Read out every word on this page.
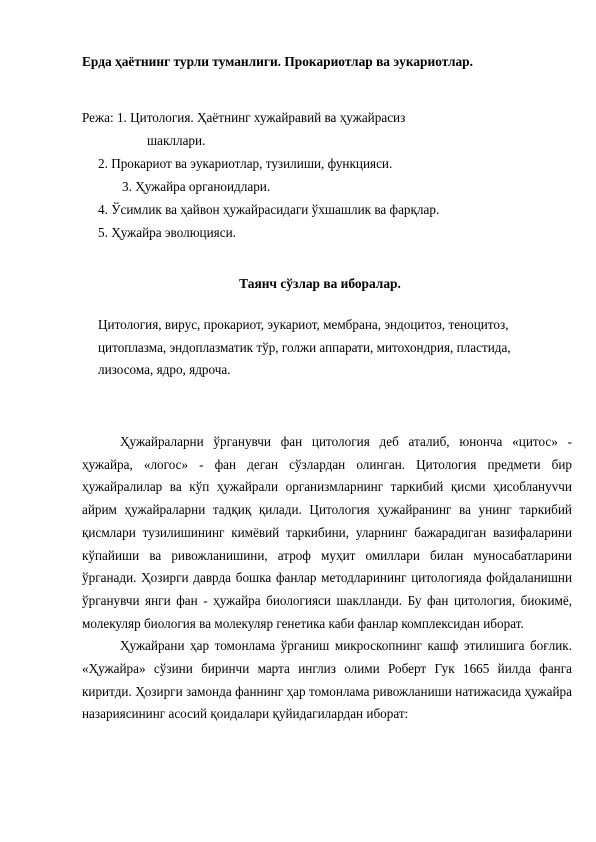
Ерда ҳаётнинг турли туманлиги. Прокариотлар ва эукариотлар.
Режа: 1. Цитология. Ҳаётнинг хужайравий ва ҳужайрасиз
шакллари.
2. Прокариот ва эукариотлар, тузилиши, функцияси.
3. Ҳужайра органоидлари.
4. Ўсимлик ва ҳайвон ҳужайрасидаги ўхшашлик ва фарқлар.
5. Ҳужайра эволюцияси.
Таянч сўзлар ва иборалар.
Цитология, вирус, прокариот, эукариот, мембрана, эндоцитоз, теноцитоз,
цитоплазма, эндоплазматик тўр, голжи аппарати, митохондрия, пластида,
лизосома, ядро, ядроча.

Ҳужайраларни ўрганувчи фан цитология деб аталиб, юнонча «цитос» - ҳужайра, «логос» - фан деган сўзлардан олинган. Цитология предмети бир ҳужайралилар ва кўп ҳужайрали организмларнинг таркибий қисми ҳисоблануvчи айрим ҳужайраларни тадқиқ қилади. Цитология ҳужайранинг ва унинг таркибий қисмлари тузилишининг кимёвий таркибини, уларнинг бажарадиган вазифаларини кўпайиши ва ривожланишини, атроф муҳит омиллари билан муносабатларини ўрганади. Ҳозирги даврда бошка фанлар методларининг цитологияда фойдаланишни ўрганувчи янги фан - ҳужайра биологияси шаклланди. Бу фан цитология, биокимё, молекуляр биология ва молекуляр генетика каби фанлар комплексидан иборат.

Ҳужайрани ҳар томонлама ўрганиш микроскопнинг кашф этилишига боғлик. «Ҳужайра» сўзини биринчи марта инглиз олими Роберт Гук 1665 йилда фанга киритди. Ҳозирги замонда фаннинг ҳар томонлама ривожланиши натижасида ҳужайра назариясининг асосий қоидалари қуйидагилардан иборат:
